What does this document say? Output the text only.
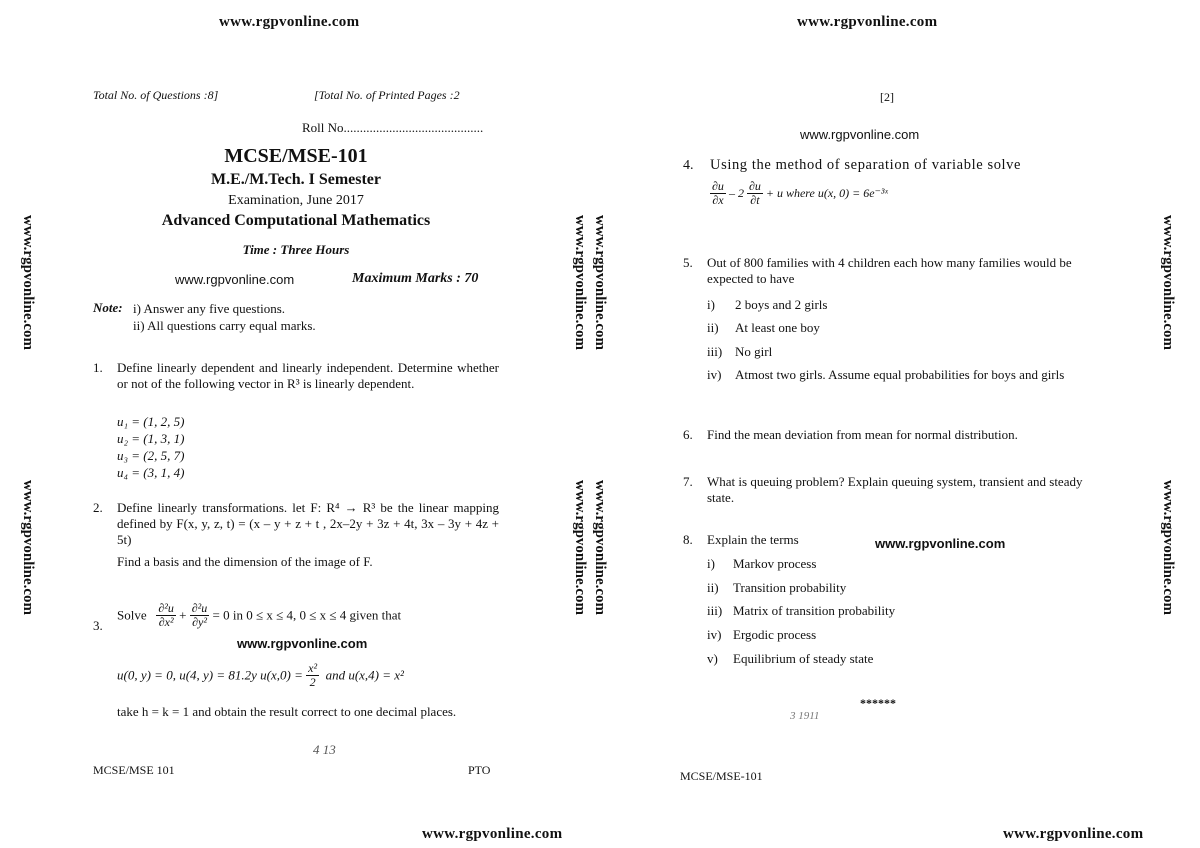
www.rgpvonline.com	www.rgpvonline.com
www.rgpvonline.com	www.rgpvonline.com
www.rgpvonline.com
www.rgpvonline.com
www.rgpvonline.com www.rgpvonline.com
www.rgpvonline.com www.rgpvonline.com
www.rgpvonline.com
www.rgpvonline.com
Total No. of Questions :8]	[Total No. of Printed Pages :2
Roll No...........................................
MCSE/MSE-101
M.E./M.Tech. I Semester
Examination, June 2017
Advanced Computational Mathematics
Time : Three Hours
www.rgpvonline.com	Maximum Marks : 70
Note: i) Answer any five questions.
ii) All questions carry equal marks.
1. Define linearly dependent and linearly independent. Determine whether or not of the following vector in R³ is linearly dependent.
u₁ = (1, 2, 5)
u₂ = (1, 3, 1)
u₃ = (2, 5, 7)
u₄ = (3, 1, 4)
2. Define linearly transformations. let F: R⁴ → R³ be the linear mapping defined by F(x, y, z, t) = (x – y + z + t , 2x–2y + 3z + 4t, 3x – 3y + 4z + 5t)
Find a basis and the dimension of the image of F.
3.
Solve $\frac{\text{∂²u}}{\text{∂x²}} + \frac{\text{∂²u}}{\text{∂y²}} = 0$ in 0 ≤ x ≤ 4, 0 ≤ x ≤ 4 given that
www.rgpvonline.com
u(0, y) = 0, u(4, y) = 81.2y $u(x,0) = \frac{\text{x²}}{2}$ and u(x,4) = x²
take h = k = 1 and obtain the result correct to one decimal places.
4 13
MCSE/MSE 101	PTO
[2]
www.rgpvonline.com
4. Using the method of separation of variable solve
$\frac{\partial u}{\partial x} - 2 \frac{\partial u}{\partial t} + u$ where u(x, 0) = 6e⁻³ˣ
5. Out of 800 families with 4 children each how many families would be expected to have
i) 2 boys and 2 girls
ii) At least one boy
iii) No girl
iv) Atmost two girls. Assume equal probabilities for boys and girls
6. Find the mean deviation from mean for normal distribution.
7. What is queuing problem? Explain queuing system, transient and steady state.
8. Explain the terms	www.rgpvonline.com
i) Markov process
ii) Transition probability
iii) Matrix of transition probability
iv) Ergodic process
v) Equilibrium of steady state
******
3 1911
MCSE/MSE-101
